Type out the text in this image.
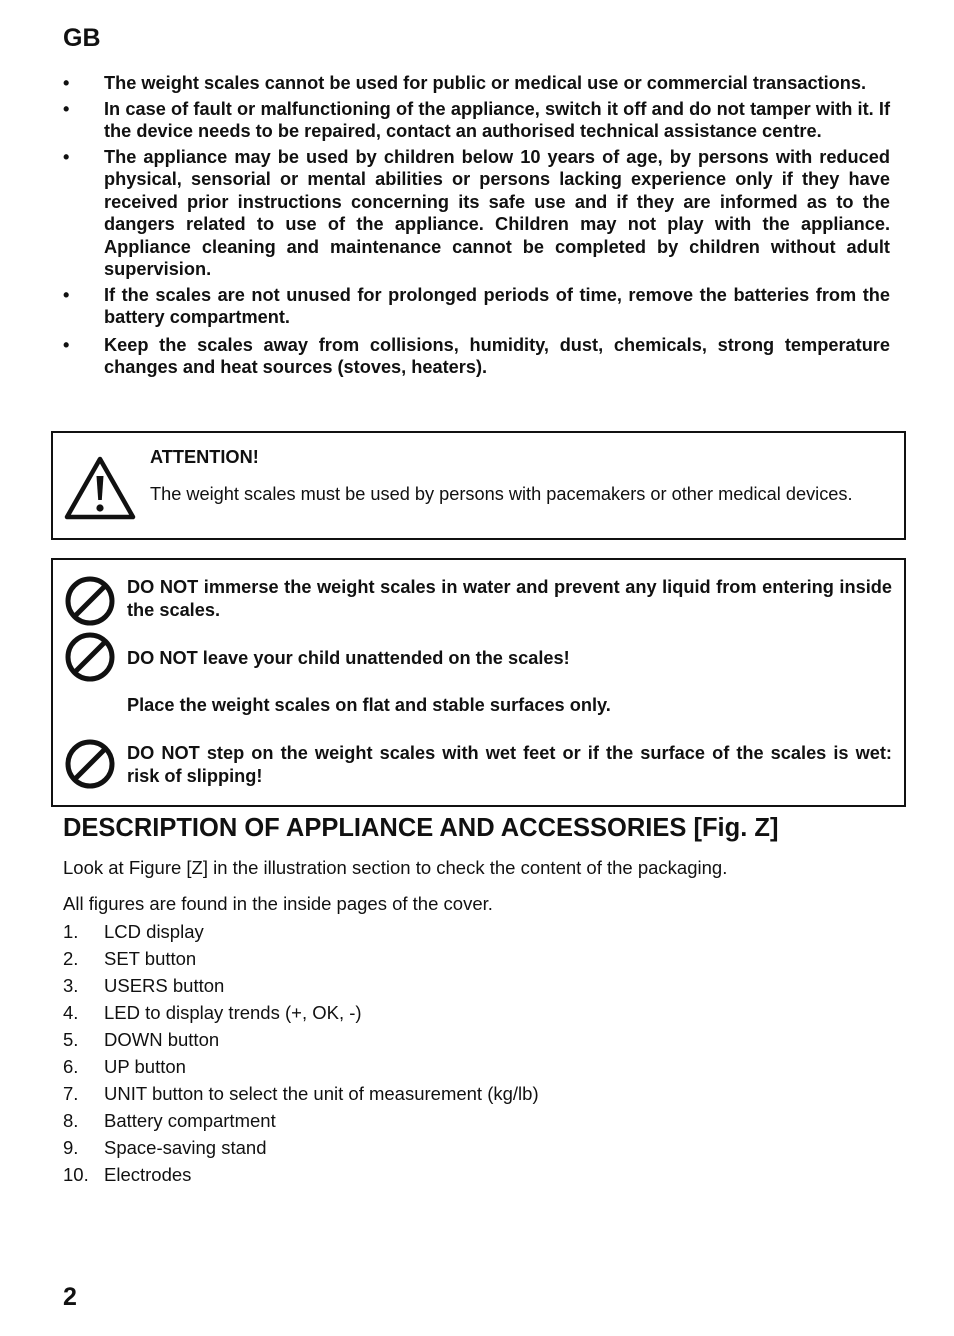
GB
• The weight scales cannot be used for public or medical use or commercial transactions.
• In case of fault or malfunctioning of the appliance, switch it off and do not tamper with it. If the device needs to be repaired, contact an authorised technical assistance centre.
• The appliance may be used by children below 10 years of age, by persons with reduced physical, sensorial or mental abilities or persons lacking experience only if they have received prior instructions concerning its safe use and if they are informed as to the dangers related to use of the appliance. Children may not play with the appliance. Appliance cleaning and maintenance cannot be completed by children without adult supervision.
• If the scales are not unused for prolonged periods of time, remove the batteries from the battery compartment.
• Keep the scales away from collisions, humidity, dust, chemicals, strong temperature changes and heat sources (stoves, heaters).
ATTENTION!
The weight scales must be used by persons with pacemakers or other medical devices.
DO NOT immerse the weight scales in water and prevent any liquid from entering inside the scales.
DO NOT leave your child unattended on the scales!
Place the weight scales on flat and stable surfaces only.
DO NOT step on the weight scales with wet feet or if the surface of the scales is wet: risk of slipping!
DESCRIPTION OF APPLIANCE AND ACCESSORIES [Fig. Z]
Look at Figure [Z] in the illustration section to check the content of the packaging.
All figures are found in the inside pages of the cover.
1. LCD display
2. SET button
3. USERS button
4. LED to display trends (+, OK, -)
5. DOWN button
6. UP button
7. UNIT button to select the unit of measurement (kg/lb)
8. Battery compartment
9. Space-saving stand
10. Electrodes
2
